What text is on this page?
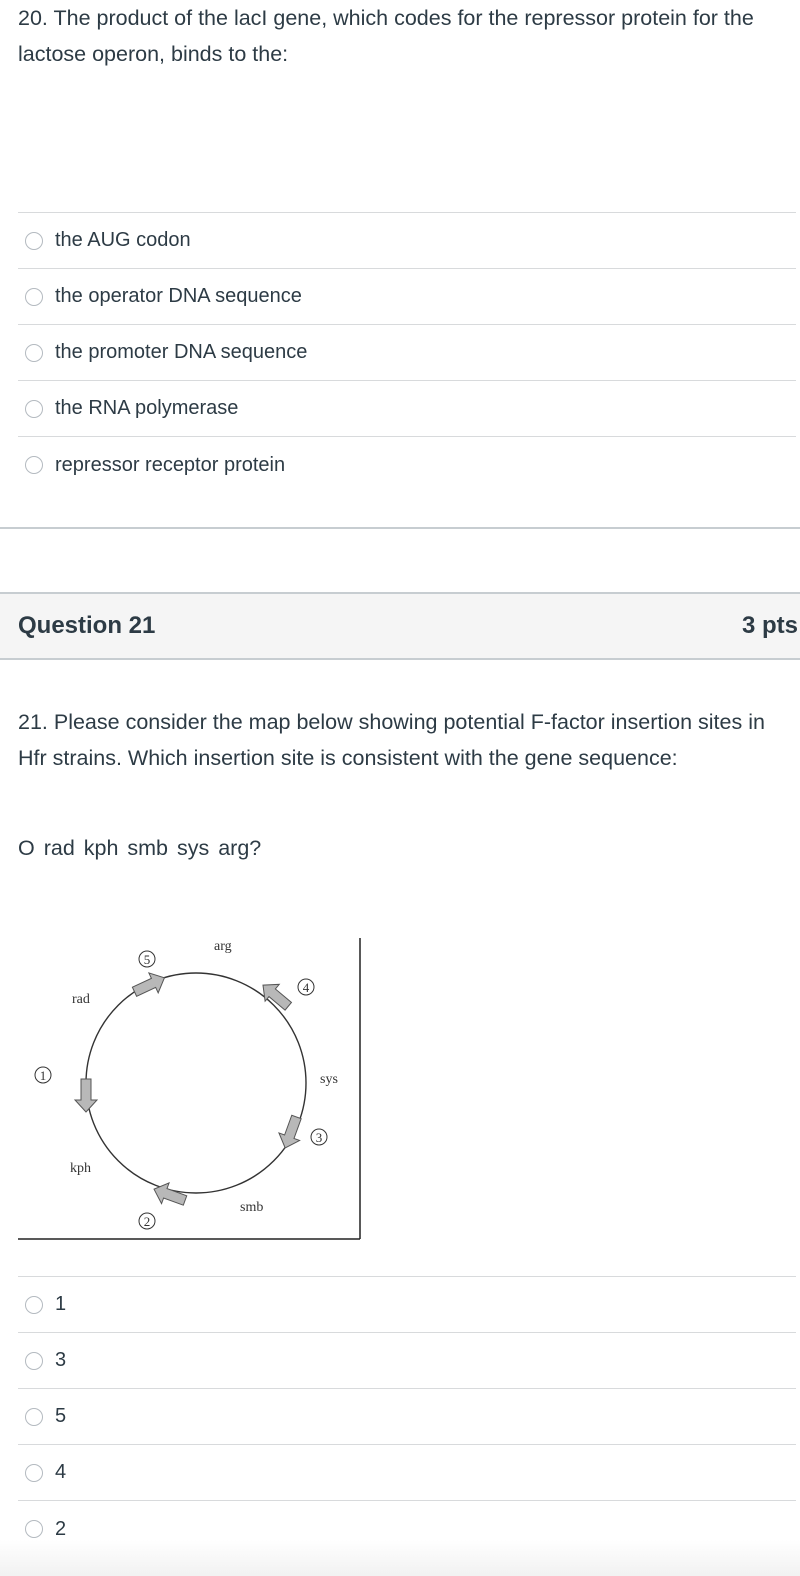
20. The product of the lacI gene, which codes for the repressor protein for the lactose operon, binds to the:

the AUG codon
the operator DNA sequence
the promoter DNA sequence
the RNA polymerase
repressor receptor protein
Question 21	3 pts

21. Please consider the map below showing potential F-factor insertion sites in Hfr strains. Which insertion site is consistent with the gene sequence:

O rad kph smb sys arg?

5
4
1
3
2
arg
rad
sys
kph
smb
1
3
5
4
2
